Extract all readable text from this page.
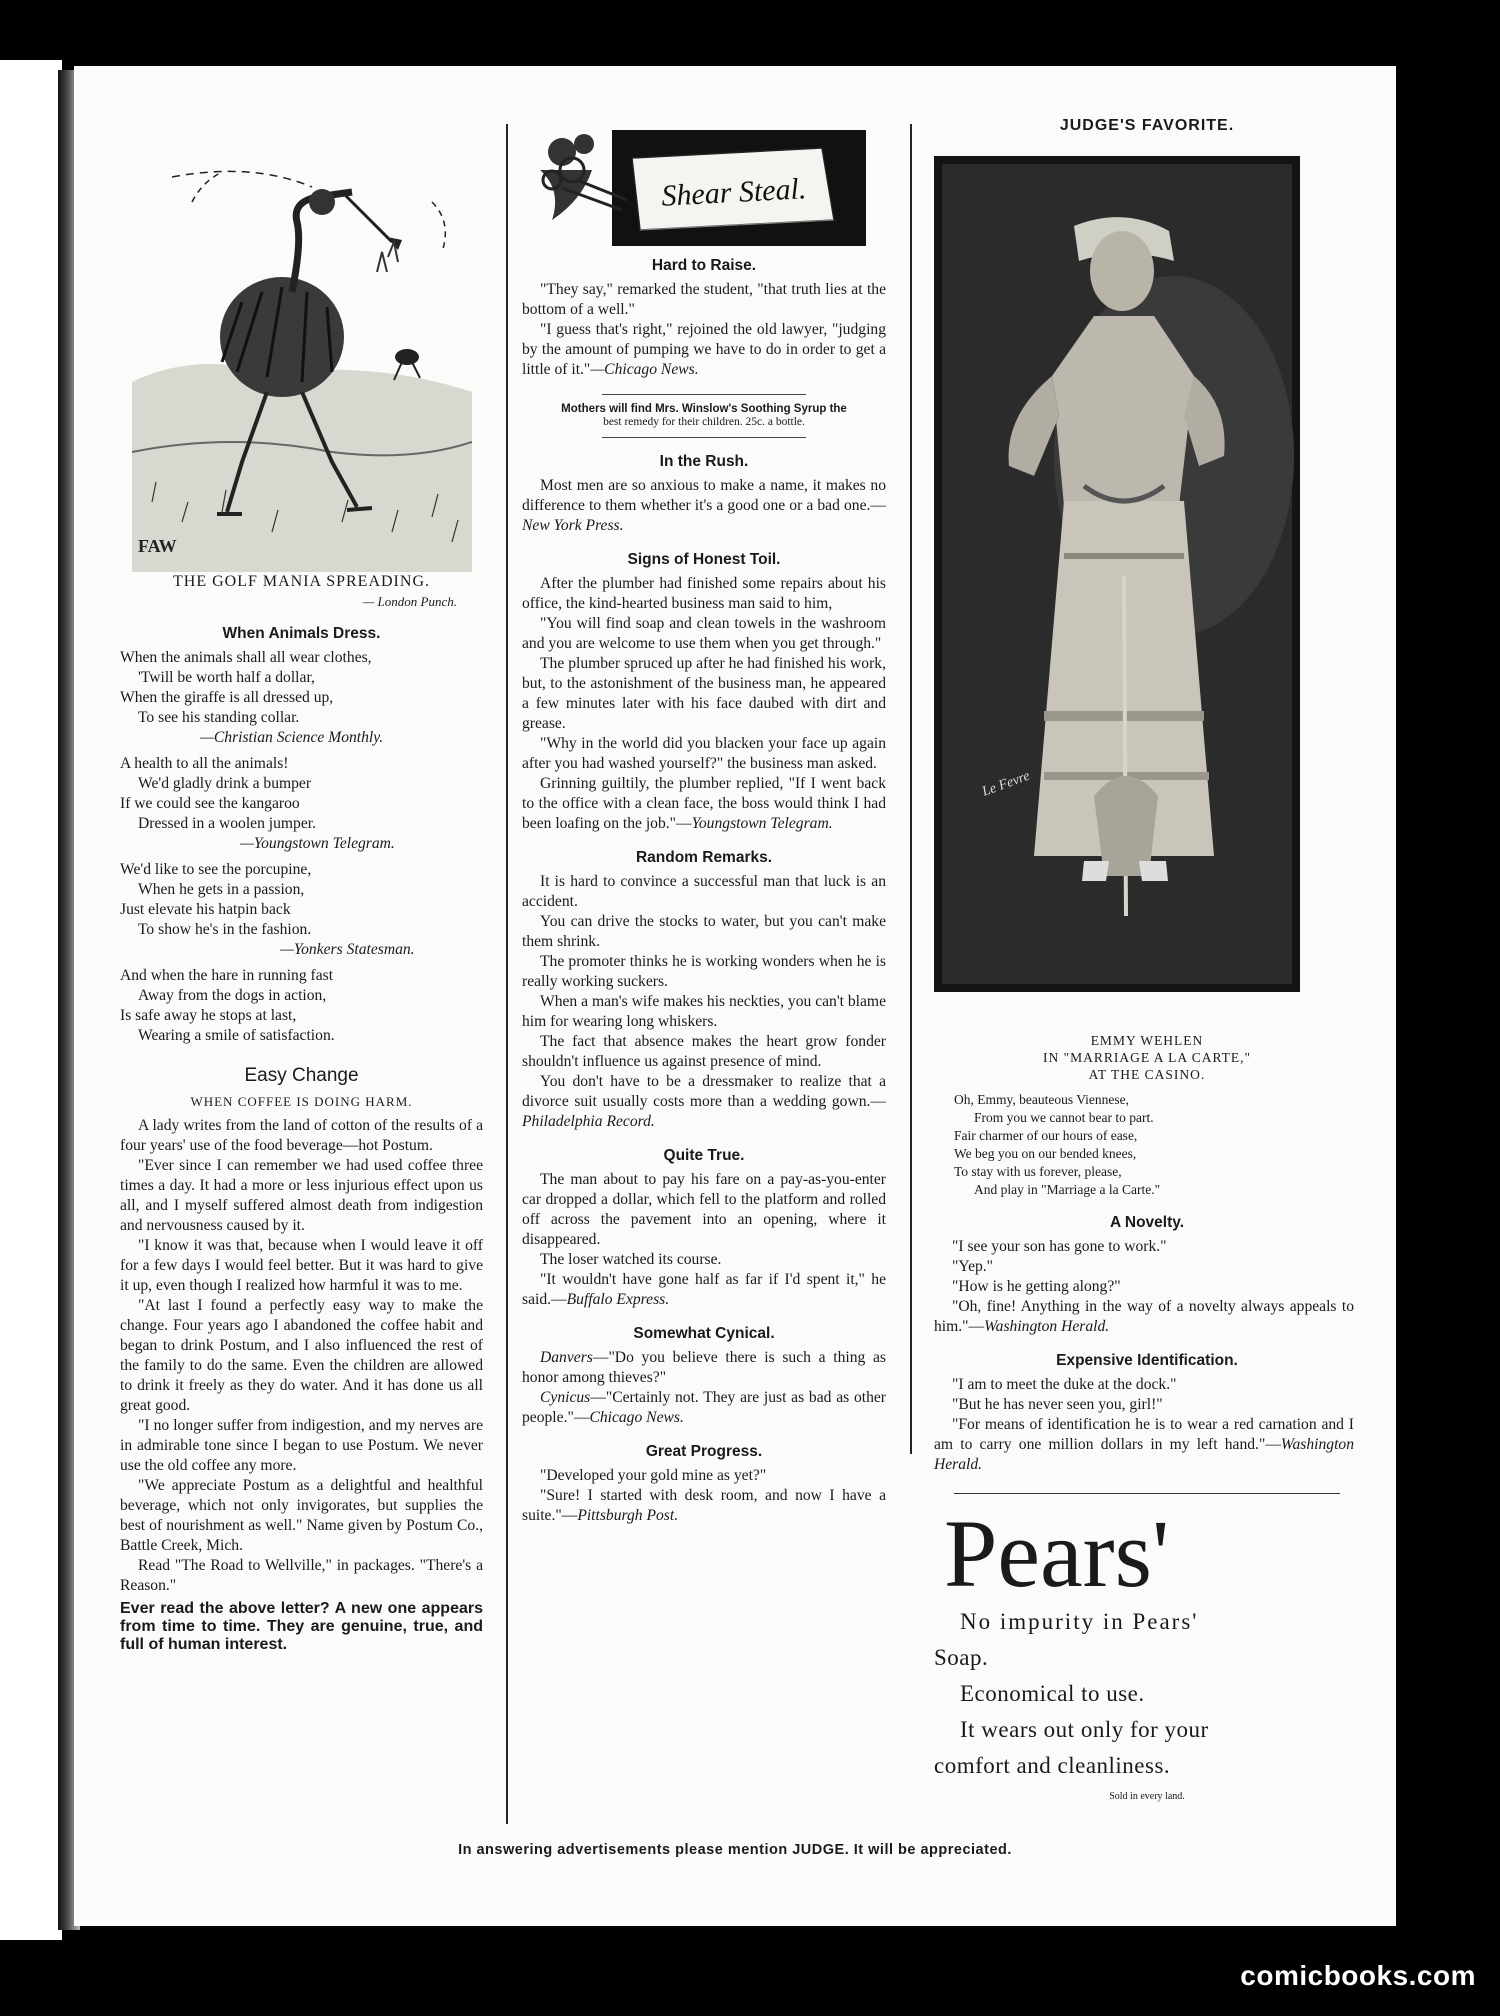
FAW
THE GOLF MANIA SPREADING.
— London Punch.
When Animals Dress.
When the animals shall all wear clothes,
'Twill be worth half a dollar,
When the giraffe is all dressed up,
To see his standing collar.
—Christian Science Monthly.
A health to all the animals!
We'd gladly drink a bumper
If we could see the kangaroo
Dressed in a woolen jumper.
—Youngstown Telegram.
We'd like to see the porcupine,
When he gets in a passion,
Just elevate his hatpin back
To show he's in the fashion.
—Yonkers Statesman.
And when the hare in running fast
Away from the dogs in action,
Is safe away he stops at last,
Wearing a smile of satisfaction.
Easy Change
WHEN COFFEE IS DOING HARM.

A lady writes from the land of cotton of the results of a four years' use of the food beverage—hot Postum.

"Ever since I can remember we had used coffee three times a day. It had a more or less injurious effect upon us all, and I myself suffered almost death from indigestion and nervousness caused by it.

"I know it was that, because when I would leave it off for a few days I would feel better. But it was hard to give it up, even though I realized how harmful it was to me.

"At last I found a perfectly easy way to make the change. Four years ago I abandoned the coffee habit and began to drink Postum, and I also influenced the rest of the family to do the same. Even the children are allowed to drink it freely as they do water. And it has done us all great good.

"I no longer suffer from indigestion, and my nerves are in admirable tone since I began to use Postum. We never use the old coffee any more.

"We appreciate Postum as a delightful and healthful beverage, which not only invigorates, but supplies the best of nourishment as well." Name given by Postum Co., Battle Creek, Mich.

Read "The Road to Wellville," in packages. "There's a Reason."

Ever read the above letter? A new one appears from time to time. They are genuine, true, and full of human interest.
Shear Steal.
Hard to Raise.

"They say," remarked the student, "that truth lies at the bottom of a well."

"I guess that's right," rejoined the old lawyer, "judging by the amount of pumping we have to do in order to get a little of it."—Chicago News.

Mothers will find Mrs. Winslow's Soothing Syrup the
best remedy for their children. 25c. a bottle.
In the Rush.

Most men are so anxious to make a name, it makes no difference to them whether it's a good one or a bad one.—New York Press.

Signs of Honest Toil.

After the plumber had finished some repairs about his office, the kind-hearted business man said to him,

"You will find soap and clean towels in the washroom and you are welcome to use them when you get through."

The plumber spruced up after he had finished his work, but, to the astonishment of the business man, he appeared a few minutes later with his face daubed with dirt and grease.

"Why in the world did you blacken your face up again after you had washed yourself?" the business man asked.

Grinning guiltily, the plumber replied, "If I went back to the office with a clean face, the boss would think I had been loafing on the job."—Youngstown Telegram.

Random Remarks.

It is hard to convince a successful man that luck is an accident.

You can drive the stocks to water, but you can't make them shrink.

The promoter thinks he is working wonders when he is really working suckers.

When a man's wife makes his neckties, you can't blame him for wearing long whiskers.

The fact that absence makes the heart grow fonder shouldn't influence us against presence of mind.

You don't have to be a dressmaker to realize that a divorce suit usually costs more than a wedding gown.—Philadelphia Record.

Quite True.

The man about to pay his fare on a pay-as-you-enter car dropped a dollar, which fell to the platform and rolled off across the pavement into an opening, where it disappeared.

The loser watched its course.

"It wouldn't have gone half as far if I'd spent it," he said.—Buffalo Express.

Somewhat Cynical.

Danvers—"Do you believe there is such a thing as honor among thieves?"

Cynicus—"Certainly not. They are just as bad as other people."—Chicago News.

Great Progress.

"Developed your gold mine as yet?"

"Sure! I started with desk room, and now I have a suite."—Pittsburgh Post.

JUDGE'S FAVORITE.
Le Fevre
EMMY WEHLEN
IN "MARRIAGE A LA CARTE,"
AT THE CASINO.
Oh, Emmy, beauteous Viennese,
From you we cannot bear to part.
Fair charmer of our hours of ease,
We beg you on our bended knees,
To stay with us forever, please,
And play in "Marriage a la Carte."
A Novelty.

"I see your son has gone to work."

"Yep."

"How is he getting along?"

"Oh, fine! Anything in the way of a novelty always appeals to him."—Washington Herald.

Expensive Identification.

"I am to meet the duke at the dock."

"But he has never seen you, girl!"

"For means of identification he is to wear a red carnation and I am to carry one million dollars in my left hand."—Washington Herald.

Pears'
No impurity in Pears'
Soap.
Economical to use.
It wears out only for your
comfort and cleanliness.
Sold in every land.
In answering advertisements please mention JUDGE. It will be appreciated.
comicbooks.com
